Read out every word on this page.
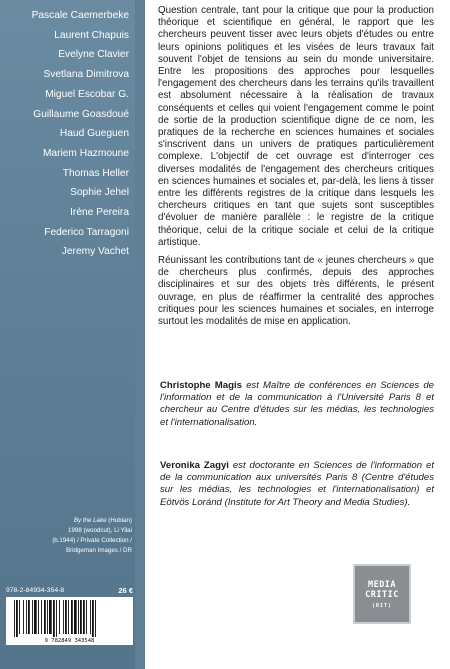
Pascale Caemerbeke
Laurent Chapuis
Evelyne Clavier
Svetlana Dimitrova
Miguel Escobar G.
Guillaume Goasdoué
Haud Gueguen
Mariem Hazmoune
Thomas Heller
Sophie Jehel
Irène Pereira
Federico Tarragoni
Jeremy Vachet
By the Lake (Hubian)
1998 (woodcut), Li Yilai
(b.1944) / Private Collection /
Bridgeman Images / DR
978-2-84934-354-8	26 €
9 782849 343548

Question centrale, tant pour la critique que pour la production théorique et scientifique en général, le rapport que les chercheurs peuvent tisser avec leurs objets d'études ou entre leurs opinions politiques et les visées de leurs travaux fait souvent l'objet de tensions au sein du monde universitaire. Entre les propositions des approches pour lesquelles l'engagement des chercheurs dans les terrains qu'ils travaillent est absolument nécessaire à la réalisation de travaux conséquents et celles qui voient l'engagement comme le point de sortie de la production scientifique digne de ce nom, les pratiques de la recherche en sciences humaines et sociales s'inscrivent dans un univers de pratiques particulièrement complexe. L'objectif de cet ouvrage est d'interroger ces diverses modalités de l'engagement des chercheurs critiques en sciences humaines et sociales et, par-delà, les liens à tisser entre les différents registres de la critique dans lesquels les chercheurs critiques en tant que sujets sont susceptibles d'évoluer de manière parallèle : le registre de la critique théorique, celui de la critique sociale et celui de la critique artistique.

Réunissant les contributions tant de « jeunes chercheurs » que de chercheurs plus confirmés, depuis des approches disciplinaires et sur des objets très différents, le présent ouvrage, en plus de réaffirmer la centralité des approches critiques pour les sciences humaines et sociales, en interroge surtout les modalités de mise en application.

Christophe Magis est Maître de conférences en Sciences de l'information et de la communication à l'Université Paris 8 et chercheur au Centre d'études sur les médias, les technologies et l'internationalisation.
Veronika Zagyi est doctorante en Sciences de l'information et de la communication aux universités Paris 8 (Centre d'études sur les médias, les technologies et l'internationalisation) et Eötvös Loránd (Institute for Art Theory and Media Studies).
MEDIA
CRITIC
(RIT)
